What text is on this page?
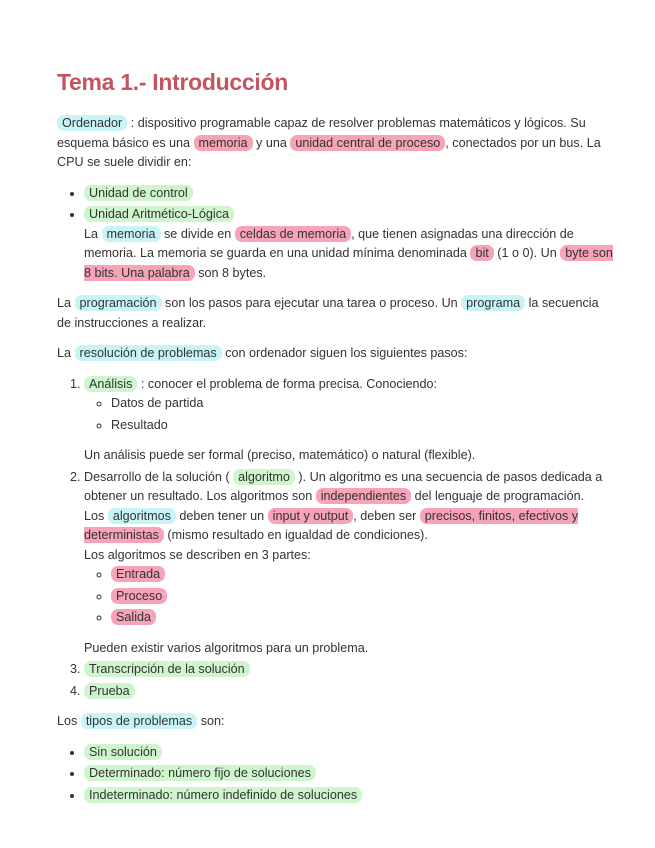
Tema 1.- Introducción

Ordenador : dispositivo programable capaz de resolver problemas matemáticos y lógicos. Su esquema básico es una memoria y una unidad central de proceso , conectados por un bus. La CPU se suele dividir en:

• Unidad de control
• Unidad Aritmético-Lógica
La memoria se divide en celdas de memoria , que tienen asignadas una dirección de memoria. La memoria se guarda en una unidad mínima denominada bit (1 o 0). Un byte son 8 bits. Una palabra son 8 bytes.

La programación son los pasos para ejecutar una tarea o proceso. Un programa la secuencia de instrucciones a realizar.

La resolución de problemas con ordenador siguen los siguientes pasos:

1. Análisis : conocer el problema de forma precisa. Conociendo:
◦ Datos de partida
◦ Resultado
Un análisis puede ser formal (preciso, matemático) o natural (flexible).
2. Desarrollo de la solución ( algoritmo ). Un algoritmo es una secuencia de pasos dedicada a obtener un resultado. Los algoritmos son independientes del lenguaje de programación.
Los algoritmos deben tener un input y output , deben ser precisos, finitos, efectivos y deterministas (mismo resultado en igualdad de condiciones).
Los algoritmos se describen en 3 partes:
◦ Entrada
◦ Proceso
◦ Salida
Pueden existir varios algoritmos para un problema.
3. Transcripción de la solución
4. Prueba

Los tipos de problemas son:

• Sin solución
• Determinado: número fijo de soluciones
• Indeterminado: número indefinido de soluciones
